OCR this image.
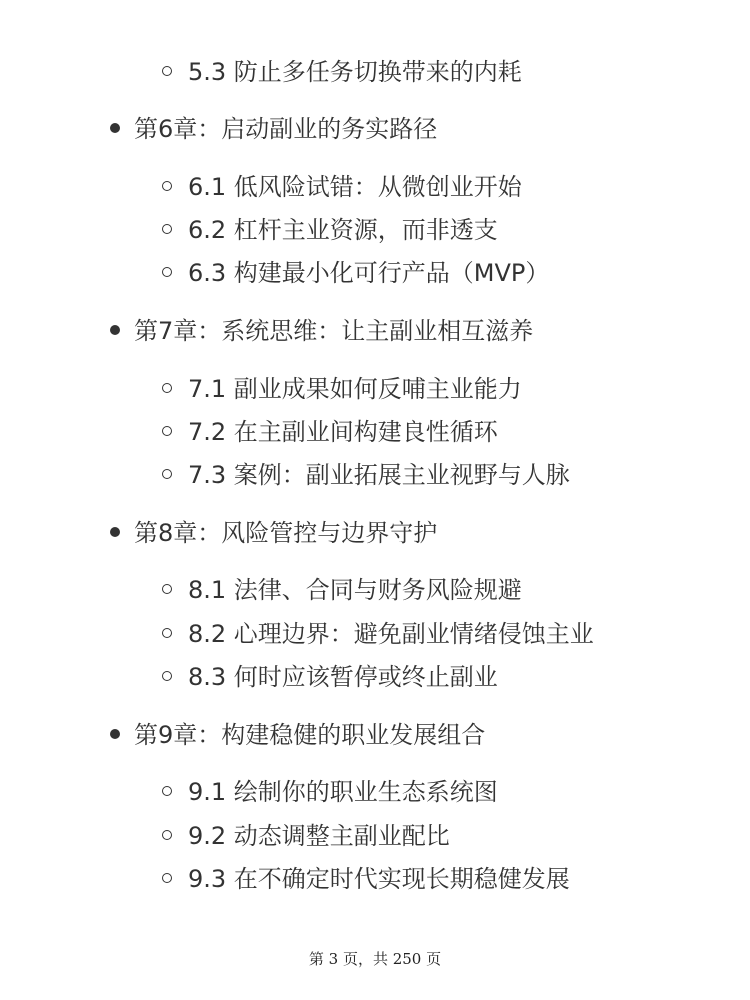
5.3 防止多任务切换带来的内耗
第6章：启动副业的务实路径
6.1 低风险试错：从微创业开始
6.2 杠杆主业资源，而非透支
6.3 构建最小化可行产品（MVP）
第7章：系统思维：让主副业相互滋养
7.1 副业成果如何反哺主业能力
7.2 在主副业间构建良性循环
7.3 案例：副业拓展主业视野与人脉
第8章：风险管控与边界守护
8.1 法律、合同与财务风险规避
8.2 心理边界：避免副业情绪侵蚀主业
8.3 何时应该暂停或终止副业
第9章：构建稳健的职业发展组合
9.1 绘制你的职业生态系统图
9.2 动态调整主副业配比
9.3 在不确定时代实现长期稳健发展
第 3 页，共 250 页
